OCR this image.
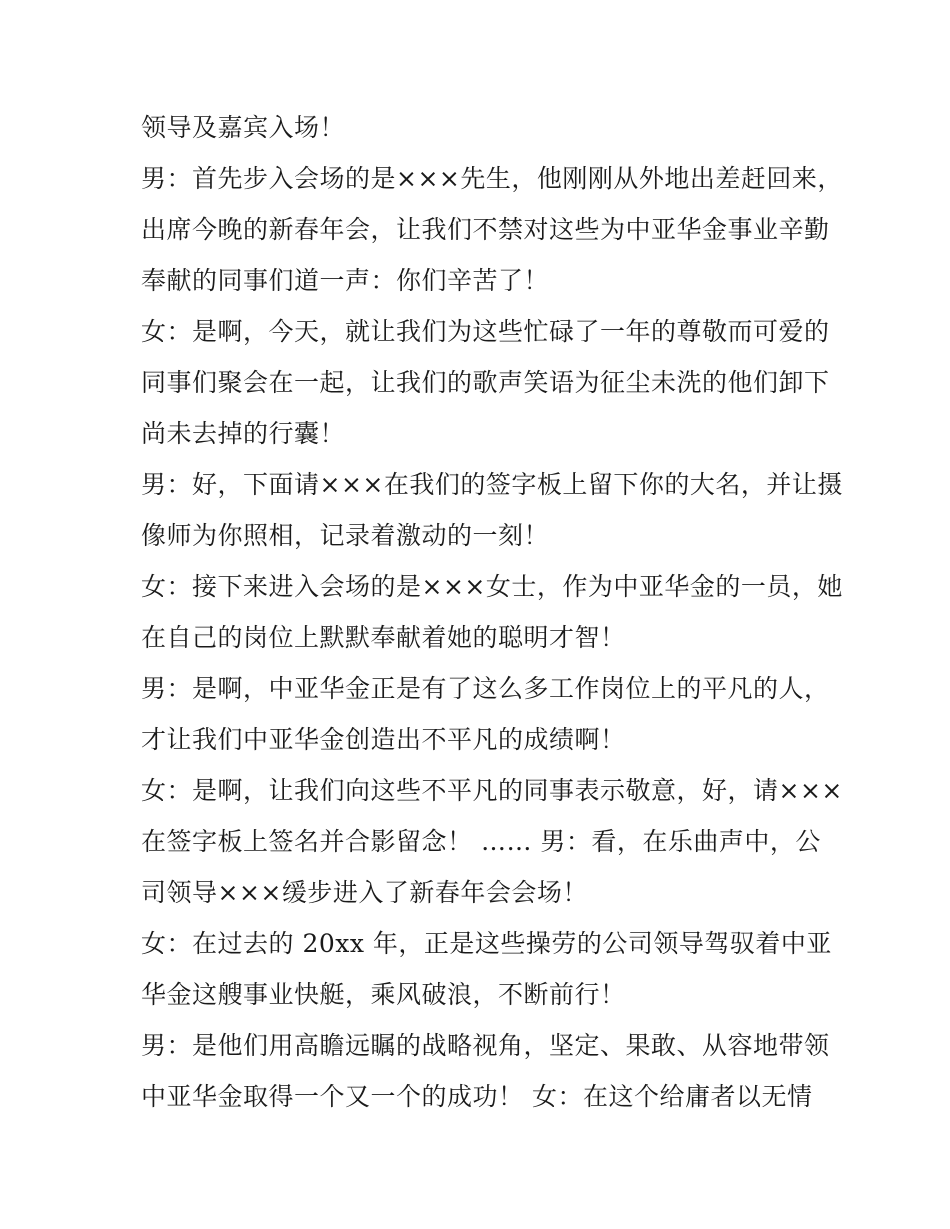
领导及嘉宾入场！
男：首先步入会场的是×××先生，他刚刚从外地出差赶回来，
出席今晚的新春年会，让我们不禁对这些为中亚华金事业辛勤
奉献的同事们道一声：你们辛苦了！
女：是啊，今天，就让我们为这些忙碌了一年的尊敬而可爱的
同事们聚会在一起，让我们的歌声笑语为征尘未洗的他们卸下
尚未去掉的行囊！
男：好，下面请×××在我们的签字板上留下你的大名，并让摄
像师为你照相，记录着激动的一刻！
女：接下来进入会场的是×××女士，作为中亚华金的一员，她
在自己的岗位上默默奉献着她的聪明才智！
男：是啊，中亚华金正是有了这么多工作岗位上的平凡的人，
才让我们中亚华金创造出不平凡的成绩啊！
女：是啊，让我们向这些不平凡的同事表示敬意，好，请×××
在签字板上签名并合影留念！ …… 男：看，在乐曲声中，公
司领导×××缓步进入了新春年会会场！
女：在过去的 20xx 年，正是这些操劳的公司领导驾驭着中亚
华金这艘事业快艇，乘风破浪，不断前行！
男：是他们用高瞻远瞩的战略视角，坚定、果敢、从容地带领
中亚华金取得一个又一个的成功！ 女：在这个给庸者以无情
